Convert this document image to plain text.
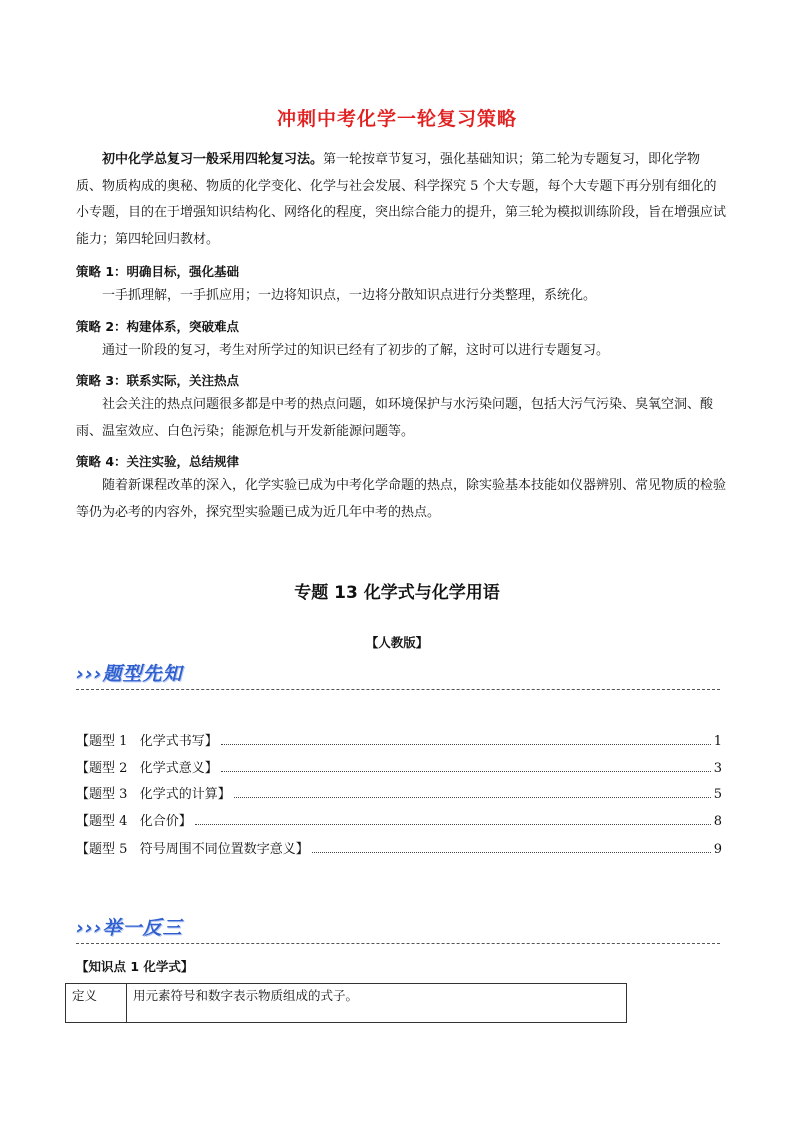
冲刺中考化学一轮复习策略
初中化学总复习一般采用四轮复习法。第一轮按章节复习，强化基础知识；第二轮为专题复习，即化学物质、物质构成的奥秘、物质的化学变化、化学与社会发展、科学探究 5 个大专题，每个大专题下再分别有细化的小专题，目的在于增强知识结构化、网络化的程度，突出综合能力的提升，第三轮为模拟训练阶段，旨在增强应试能力；第四轮回归教材。
策略 1：明确目标，强化基础
一手抓理解，一手抓应用；一边将知识点，一边将分散知识点进行分类整理，系统化。
策略 2：构建体系，突破难点
通过一阶段的复习，考生对所学过的知识已经有了初步的了解，这时可以进行专题复习。
策略 3：联系实际，关注热点
社会关注的热点问题很多都是中考的热点问题，如环境保护与水污染问题，包括大污气污染、臭氧空洞、酸雨、温室效应、白色污染；能源危机与开发新能源问题等。
策略 4：关注实验，总结规律
随着新课程改革的深入，化学实验已成为中考化学命题的热点，除实验基本技能如仪器辨别、常见物质的检验等仍为必考的内容外，探究型实验题已成为近几年中考的热点。
专题 13 化学式与化学用语
【人教版】
›››题型先知
【题型 1   化学式书写】	1
【题型 2   化学式意义】	3
【题型 3   化学式的计算】	5
【题型 4   化合价】	8
【题型 5   符号周围不同位置数字意义】	9
›››举一反三
【知识点 1 化学式】
定义	用元素符号和数字表示物质组成的式子。
